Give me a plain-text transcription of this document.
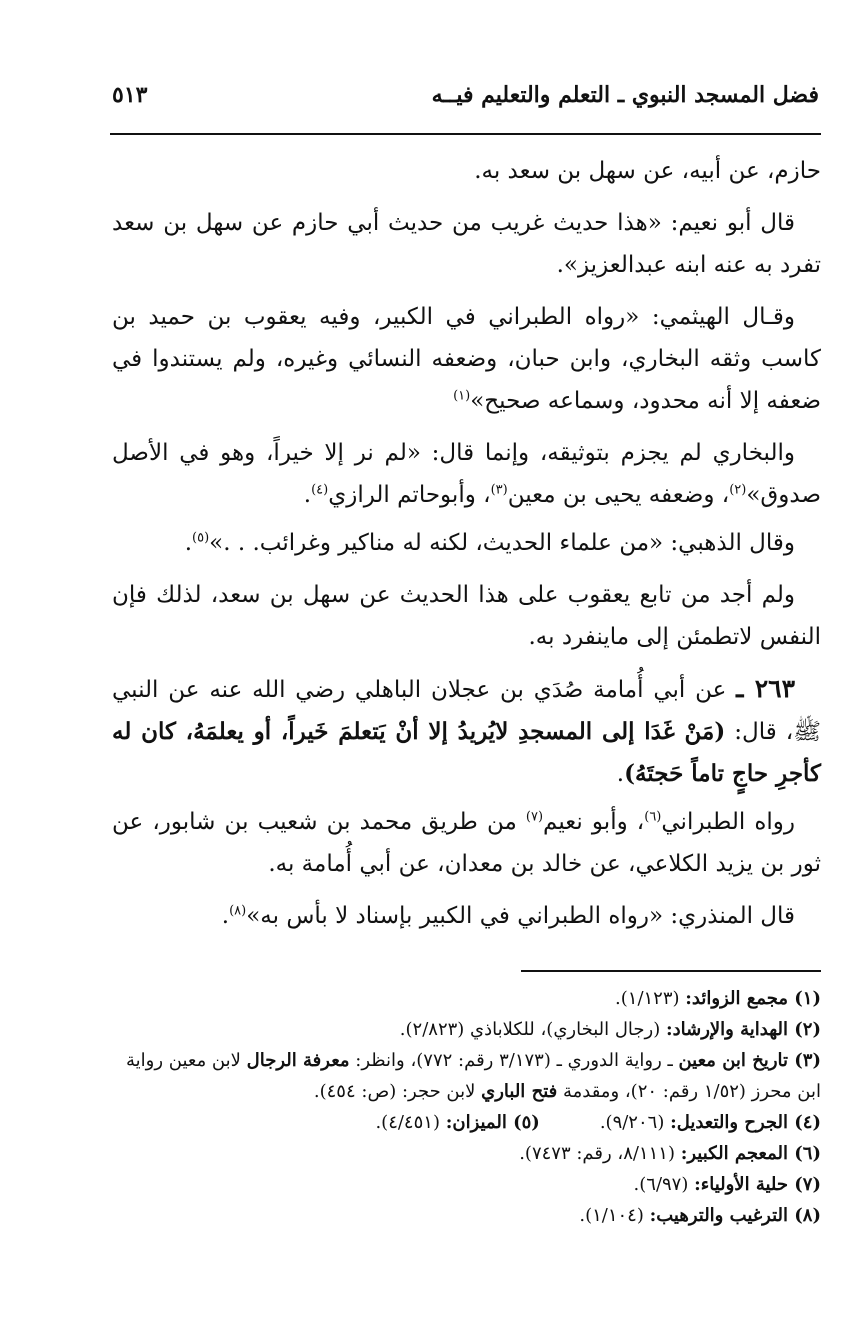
فضل المسجد النبوي ـ التعلم والتعليم فيــه
٥١٣

حازم، عن أبيه، عن سهل بن سعد به.

قال أبو نعيم: «هذا حديث غريب من حديث أبي حازم عن سهل بن سعد تفرد به عنه ابنه عبدالعزيز».

وقـال الهيثمي: «رواه الطبراني في الكبير، وفيه يعقوب بن حميد بن كاسب وثقه البخاري، وابن حبان، وضعفه النسائي وغيره، ولم يستندوا في ضعفه إلا أنه محدود، وسماعه صحيح»$^{(١)}$

والبخاري لم يجزم بتوثيقه، وإنما قال: «لم نر إلا خيراً، وهو في الأصل صدوق»$^{(٢)}$، وضعفه يحيى بن معين$^{(٣)}$، وأبوحاتم الرازي$^{(٤)}$.

وقال الذهبي: «من علماء الحديث، لكنه له مناكير وغرائب. . .»$^{(٥)}$.

ولم أجد من تابع يعقوب على هذا الحديث عن سهل بن سعد، لذلك فإن النفس لاتطمئن إلى ماينفرد به.

٢٦٣ ـ عن أبي أُمامة صُدَي بن عجلان الباهلي رضي الله عنه عن النبي ﷺ، قال: (مَنْ غَدَا إلى المسجدِ لايُريدُ إلا أنْ يَتعلمَ خَيراً، أو يعلمَهُ، كان له كأجرِ حاجٍ تاماً حَجتَهُ).

رواه الطبراني$^{(٦)}$، وأبو نعيم$^{(٧)}$ من طريق محمد بن شعيب بن شابور، عن ثور بن يزيد الكلاعي، عن خالد بن معدان، عن أبي أُمامة به.

قال المنذري: «رواه الطبراني في الكبير بإسناد لا بأس به»$^{(٨)}$.

(١) مجمع الزوائد: (١/١٢٣).

(٢) الهداية والإرشاد: (رجال البخاري)، للكلاباذي (٢/٨٢٣).

(٣) تاريخ ابن معين ـ رواية الدوري ـ (٣/١٧٣ رقم: ٧٧٢)، وانظر: معرفة الرجال لابن معين رواية ابن محرز (١/٥٢ رقم: ٢٠)، ومقدمة فتح الباري لابن حجر: (ص: ٤٥٤).

(٤) الجرح والتعديل: (٩/٢٠٦).

(٥) الميزان: (٤/٤٥١).

(٦) المعجم الكبير: (٨/١١١، رقم: ٧٤٧٣).

(٧) حلية الأولياء: (٦/٩٧).

(٨) الترغيب والترهيب: (١/١٠٤).
